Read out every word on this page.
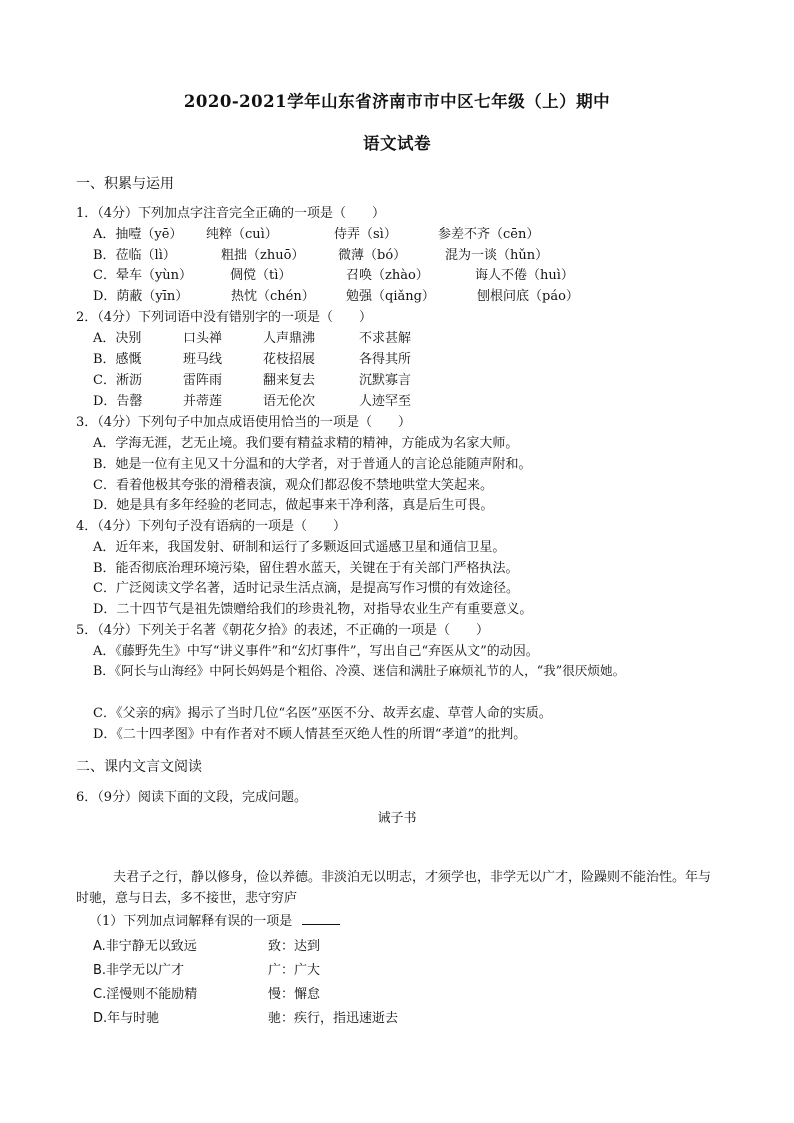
2020-2021学年山东省济南市市中区七年级（上）期中
语文试卷
一、积累与运用
1．（4分）下列加点字注音完全正确的一项是（　　）
A．抽噎（yē） 纯粹（cuì）	侍弄（sì）	参差不齐（cēn）
B．莅临（lì）	粗拙（zhuō）	微薄（bó）	混为一谈（hǔn）
C．晕车（yùn）	倜傥（tì）	召唤（zhào）	诲人不倦（huì）
D．荫蔽（yīn）	热忱（chén） 勉强（qiǎng）	刨根问底（páo）
2．（4分）下列词语中没有错别字的一项是（　　）
A．决别	口头禅	人声鼎沸	不求甚解
B．感慨	班马线	花枝招展	各得其所
C．淅沥	雷阵雨	翻来复去	沉默寡言
D．告罄	并蒂莲	语无伦次	人迹罕至
3．（4分）下列句子中加点成语使用恰当的一项是（　　）
A．学海无涯，艺无止境。我们要有精益求精的精神，方能成为名家大师。
B．她是一位有主见又十分温和的大学者，对于普通人的言论总能随声附和。
C．看着他极其夸张的滑稽表演，观众们都忍俊不禁地哄堂大笑起来。
D．她是具有多年经验的老同志，做起事来干净利落，真是后生可畏。
4．（4分）下列句子没有语病的一项是（　　）
A．近年来，我国发射、研制和运行了多颗返回式遥感卫星和通信卫星。
B．能否彻底治理环境污染，留住碧水蓝天，关键在于有关部门严格执法。
C．广泛阅读文学名著，适时记录生活点滴，是提高写作习惯的有效途径。
D．二十四节气是祖先馈赠给我们的珍贵礼物，对指导农业生产有重要意义。
5．（4分）下列关于名著《朝花夕拾》的表述，不正确的一项是（　　）
A．《藤野先生》中写“讲义事件”和“幻灯事件”，写出自己“弃医从文”的动因。
B．《阿长与山海经》中阿长妈妈是个粗俗、冷漠、迷信和满肚子麻烦礼节的人，“我”很厌烦她。
C．《父亲的病》揭示了当时几位“名医”巫医不分、故弄玄虚、草菅人命的实质。
D．《二十四孝图》中有作者对不顾人情甚至灭绝人性的所谓“孝道”的批判。
二、课内文言文阅读
6．（9分）阅读下面的文段，完成问题。
诫子书
夫君子之行，静以修身，俭以养德。非淡泊无以明志，才须学也，非学无以广才，险躁则不能治性。年与时驰，意与日去，多不接世，悲守穷庐
（1）下列加点词解释有误的一项是
A.非宁静无以致远	致：达到
B.非学无以广才	广：广大
C.淫慢则不能励精	慢：懈怠
D.年与时驰	驰：疾行，指迅速逝去
